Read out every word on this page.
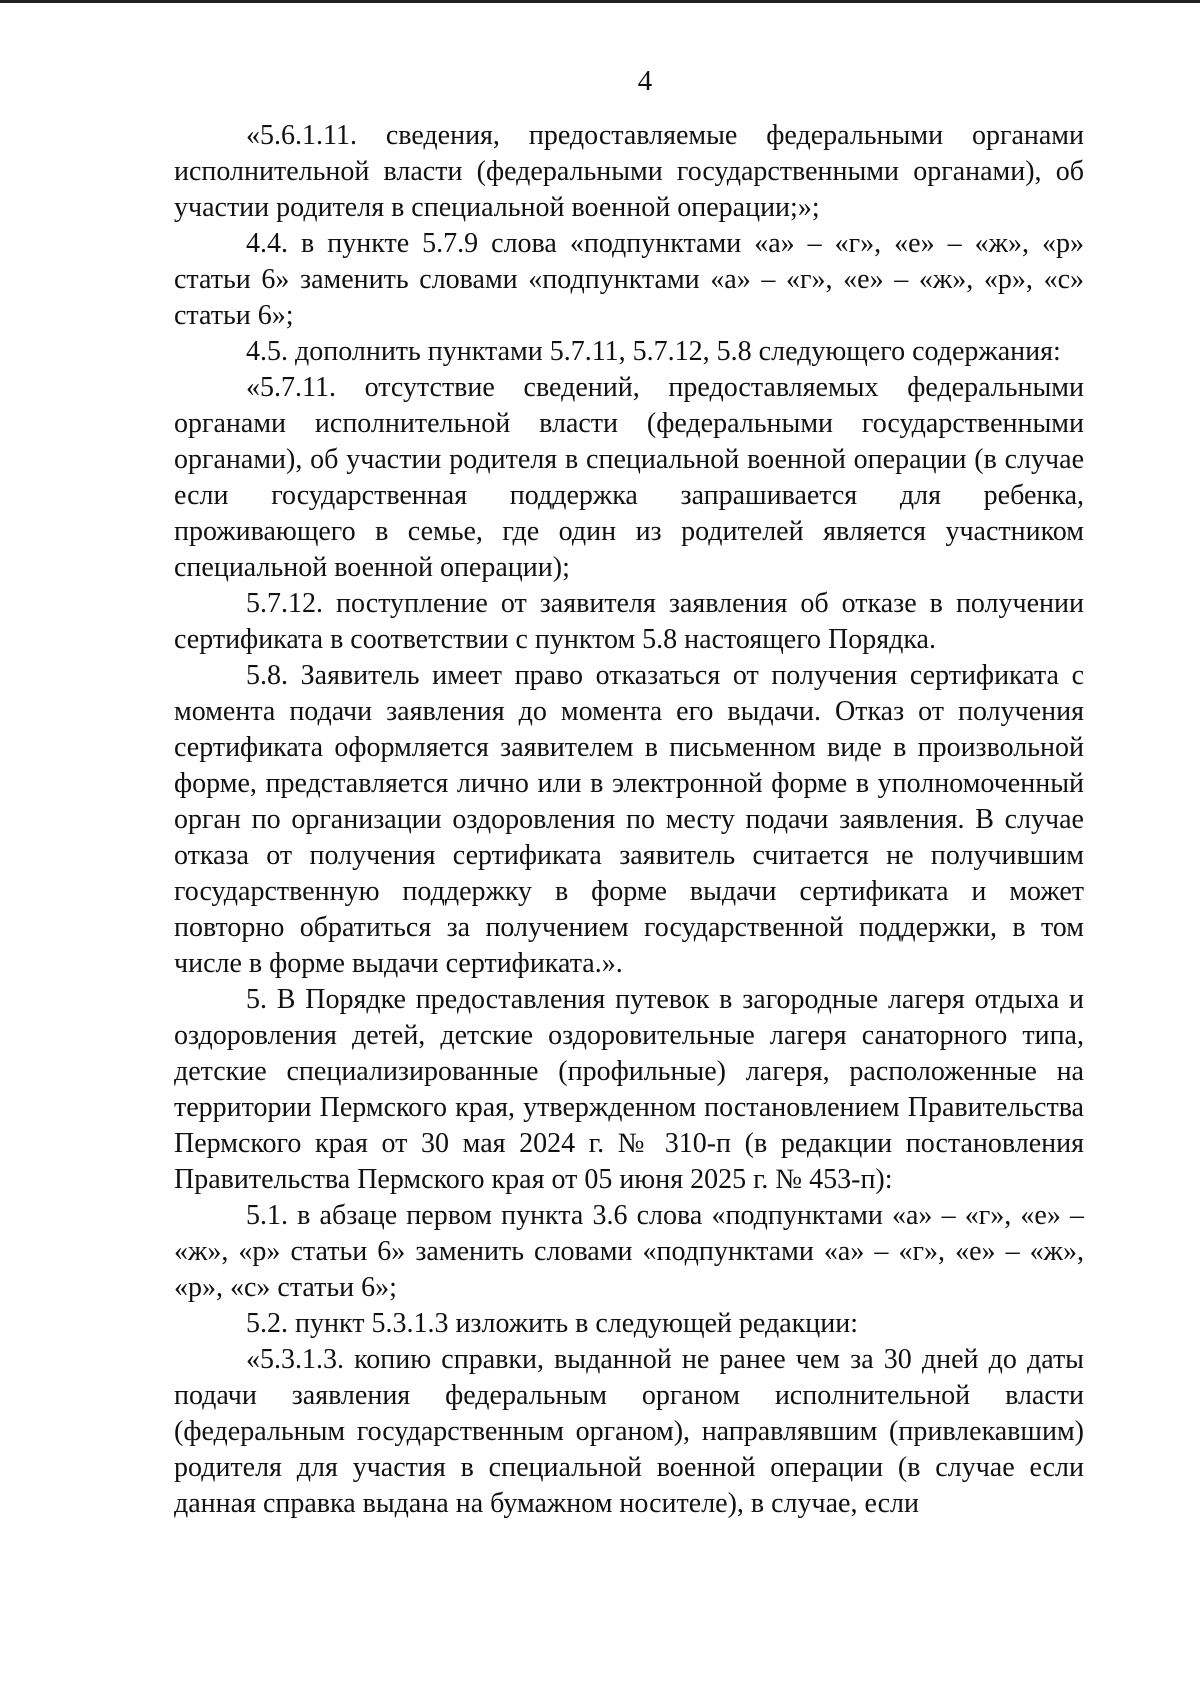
4

«5.6.1.11. сведения, предоставляемые федеральными органами исполнительной власти (федеральными государственными органами), об участии родителя в специальной военной операции;»;

4.4. в пункте 5.7.9 слова «подпунктами «а» – «г», «е» – «ж», «р» статьи 6» заменить словами «подпунктами «а» – «г», «е» – «ж», «р», «с» статьи 6»;

4.5. дополнить пунктами 5.7.11, 5.7.12, 5.8 следующего содержания:

«5.7.11. отсутствие сведений, предоставляемых федеральными органами исполнительной власти (федеральными государственными органами), об участии родителя в специальной военной операции (в случае если государственная поддержка запрашивается для ребенка, проживающего в семье, где один из родителей является участником специальной военной операции);

5.7.12. поступление от заявителя заявления об отказе в получении сертификата в соответствии с пунктом 5.8 настоящего Порядка.

5.8. Заявитель имеет право отказаться от получения сертификата с момента подачи заявления до момента его выдачи. Отказ от получения сертификата оформляется заявителем в письменном виде в произвольной форме, представляется лично или в электронной форме в уполномоченный орган по организации оздоровления по месту подачи заявления. В случае отказа от получения сертификата заявитель считается не получившим государственную поддержку в форме выдачи сертификата и может повторно обратиться за получением государственной поддержки, в том числе в форме выдачи сертификата.».

5. В Порядке предоставления путевок в загородные лагеря отдыха и оздоровления детей, детские оздоровительные лагеря санаторного типа, детские специализированные (профильные) лагеря, расположенные на территории Пермского края, утвержденном постановлением Правительства Пермского края от 30 мая 2024 г. № 310-п (в редакции постановления Правительства Пермского края от 05 июня 2025 г. № 453-п):

5.1. в абзаце первом пункта 3.6 слова «подпунктами «а» – «г», «е» – «ж», «р» статьи 6» заменить словами «подпунктами «а» – «г», «е» – «ж», «р», «с» статьи 6»;

5.2. пункт 5.3.1.3 изложить в следующей редакции:

«5.3.1.3. копию справки, выданной не ранее чем за 30 дней до даты подачи заявления федеральным органом исполнительной власти (федеральным государственным органом), направлявшим (привлекавшим) родителя для участия в специальной военной операции (в случае если данная справка выдана на бумажном носителе), в случае, если
